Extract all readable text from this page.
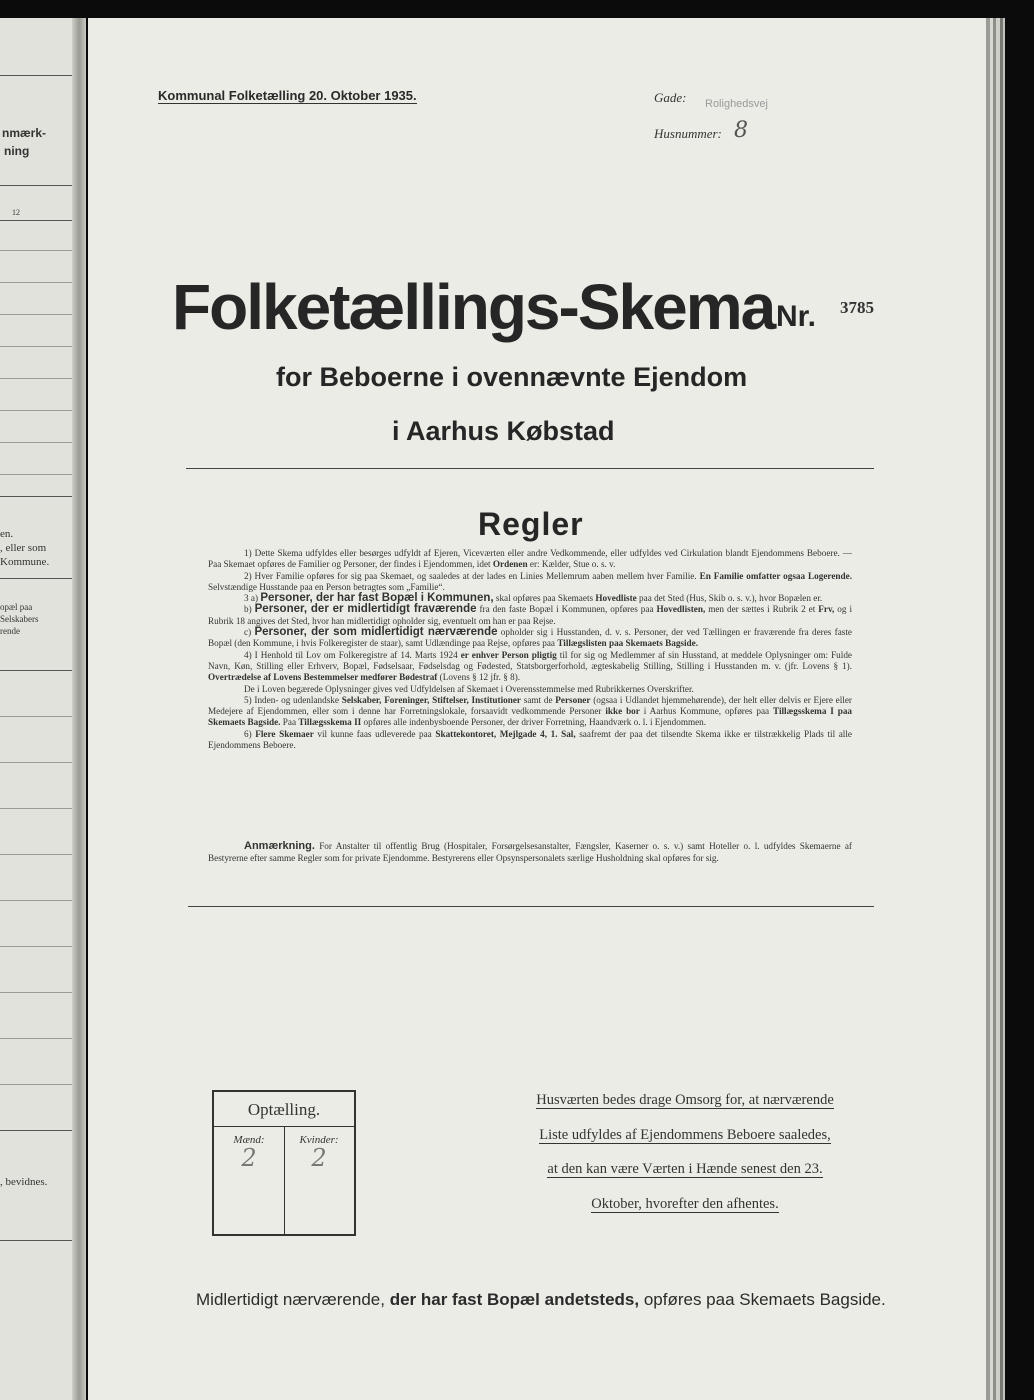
nmærk-
ning
12
en.
, eller som
Kommune.
opæl paa
Selskabers
rende
, bevidnes.
Kommunal Folketælling 20. Oktober 1935.	Gade: Rolighedsvej
Husnummer: 8
Folketællings-Skema Nr. 3785
for Beboerne i ovennævnte Ejendom
i Aarhus Købstad
Regler

1) Dette Skema udfyldes eller besørges udfyldt af Ejeren, Viceværten eller andre Vedkommende, eller udfyldes ved Cirkulation blandt Ejendommens Beboere. — Paa Skemaet opføres de Familier og Personer, der findes i Ejendommen, idet Ordenen er: Kælder, Stue o. s. v.

2) Hver Familie opføres for sig paa Skemaet, og saaledes at der lades en Linies Mellemrum aaben mellem hver Familie. En Familie omfatter ogsaa Logerende. Selvstændige Husstande paa en Person betragtes som „Familie“.

3 a) Personer, der har fast Bopæl i Kommunen, skal opføres paa Skemaets Hovedliste paa det Sted (Hus, Skib o. s. v.), hvor Bopælen er.

b) Personer, der er midlertidigt fraværende fra den faste Bopæl i Kommunen, opføres paa Hovedlisten, men der sættes i Rubrik 2 et Frv, og i Rubrik 18 angives det Sted, hvor han midlertidigt opholder sig, eventuelt om han er paa Rejse.

c) Personer, der som midlertidigt nærværende opholder sig i Husstanden, d. v. s. Personer, der ved Tællingen er fraværende fra deres faste Bopæl (den Kommune, i hvis Folkeregister de staar), samt Udlændinge paa Rejse, opføres paa Tillægslisten paa Skemaets Bagside.

4) I Henhold til Lov om Folkeregistre af 14. Marts 1924 er enhver Person pligtig til for sig og Medlemmer af sin Husstand, at meddele Oplysninger om: Fulde Navn, Køn, Stilling eller Erhverv, Bopæl, Fødselsaar, Fødselsdag og Fødested, Statsborgerforhold, ægteskabelig Stilling, Stilling i Husstanden m. v. (jfr. Lovens § 1). Overtrædelse af Lovens Bestemmelser medfører Bødestraf (Lovens § 12 jfr. § 8).

De i Loven begærede Oplysninger gives ved Udfyldelsen af Skemaet i Overensstemmelse med Rubrikkernes Overskrifter.

5) Inden- og udenlandske Selskaber, Foreninger, Stiftelser, Institutioner samt de Personer (ogsaa i Udlandet hjemmehørende), der helt eller delvis er Ejere eller Medejere af Ejendommen, eller som i denne har Forretningslokale, forsaavidt vedkommende Personer ikke bor i Aarhus Kommune, opføres paa Tillægsskema I paa Skemaets Bagside. Paa Tillægsskema II opføres alle indenbysboende Personer, der driver Forretning, Haandværk o. l. i Ejendommen.

6) Flere Skemaer vil kunne faas udleverede paa Skattekontoret, Mejlgade 4, 1. Sal, saafremt der paa det tilsendte Skema ikke er tilstrækkelig Plads til alle Ejendommens Beboere.

Anmærkning. For Anstalter til offentlig Brug (Hospitaler, Forsørgelsesanstalter, Fængsler, Kaserner o. s. v.) samt Hoteller o. l. udfyldes Skemaerne af Bestyrerne efter samme Regler som for private Ejendomme. Bestyrerens eller Opsynspersonalets særlige Husholdning skal opføres for sig.
Optælling.
Mænd:	Kvinder:
2	2
Husværten bedes drage Omsorg for, at nærværende
Liste udfyldes af Ejendommens Beboere saaledes,
at den kan være Værten i Hænde senest den 23.
Oktober, hvorefter den afhentes.
Midlertidigt nærværende, der har fast Bopæl andetsteds, opføres paa Skemaets Bagside.
